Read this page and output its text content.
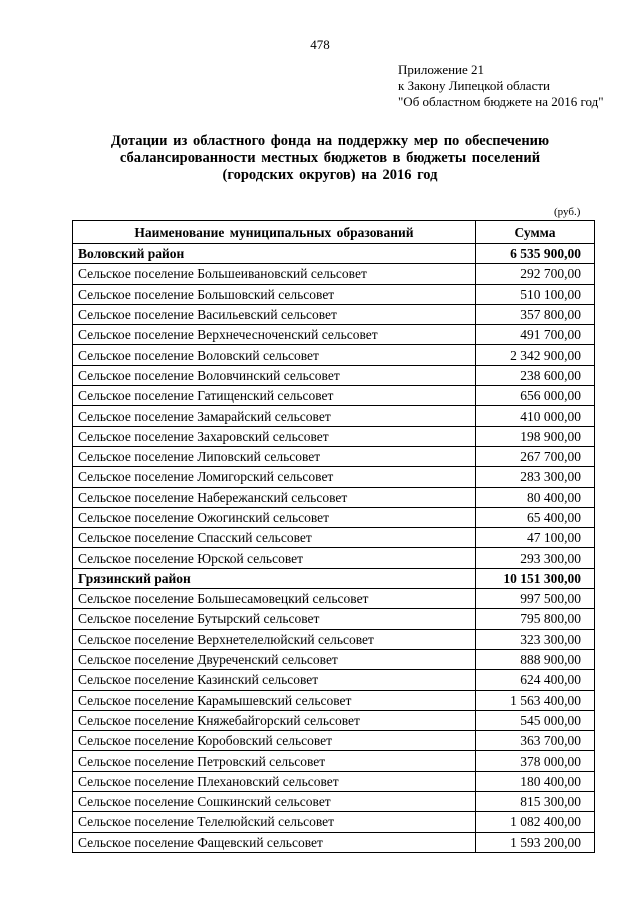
478
Приложение 21
к Закону Липецкой области
"Об областном бюджете на 2016 год"
Дотации из областного фонда на поддержку мер по обеспечению
сбалансированности местных бюджетов в бюджеты поселений
(городских округов) на 2016 год
(руб.)
Наименование муниципальных образований	Сумма
Воловский район	6 535 900,00
Сельское поселение Большеивановский сельсовет	292 700,00
Сельское поселение Большовский сельсовет	510 100,00
Сельское поселение Васильевский сельсовет	357 800,00
Сельское поселение Верхнечесноченский сельсовет	491 700,00
Сельское поселение Воловский сельсовет	2 342 900,00
Сельское поселение Воловчинский сельсовет	238 600,00
Сельское поселение Гатищенский сельсовет	656 000,00
Сельское поселение Замарайский сельсовет	410 000,00
Сельское поселение Захаровский сельсовет	198 900,00
Сельское поселение Липовский сельсовет	267 700,00
Сельское поселение Ломигорский сельсовет	283 300,00
Сельское поселение Набережанский сельсовет	80 400,00
Сельское поселение Ожогинский сельсовет	65 400,00
Сельское поселение Спасский сельсовет	47 100,00
Сельское поселение Юрской сельсовет	293 300,00
Грязинский район	10 151 300,00
Сельское поселение Большесамовецкий сельсовет	997 500,00
Сельское поселение Бутырский сельсовет	795 800,00
Сельское поселение Верхнетелелюйский сельсовет	323 300,00
Сельское поселение Двуреченский сельсовет	888 900,00
Сельское поселение Казинский сельсовет	624 400,00
Сельское поселение Карамышевский сельсовет	1 563 400,00
Сельское поселение Княжебайгорский сельсовет	545 000,00
Сельское поселение Коробовский сельсовет	363 700,00
Сельское поселение Петровский сельсовет	378 000,00
Сельское поселение Плехановский сельсовет	180 400,00
Сельское поселение Сошкинский сельсовет	815 300,00
Сельское поселение Телелюйский сельсовет	1 082 400,00
Сельское поселение Фащевский сельсовет	1 593 200,00
